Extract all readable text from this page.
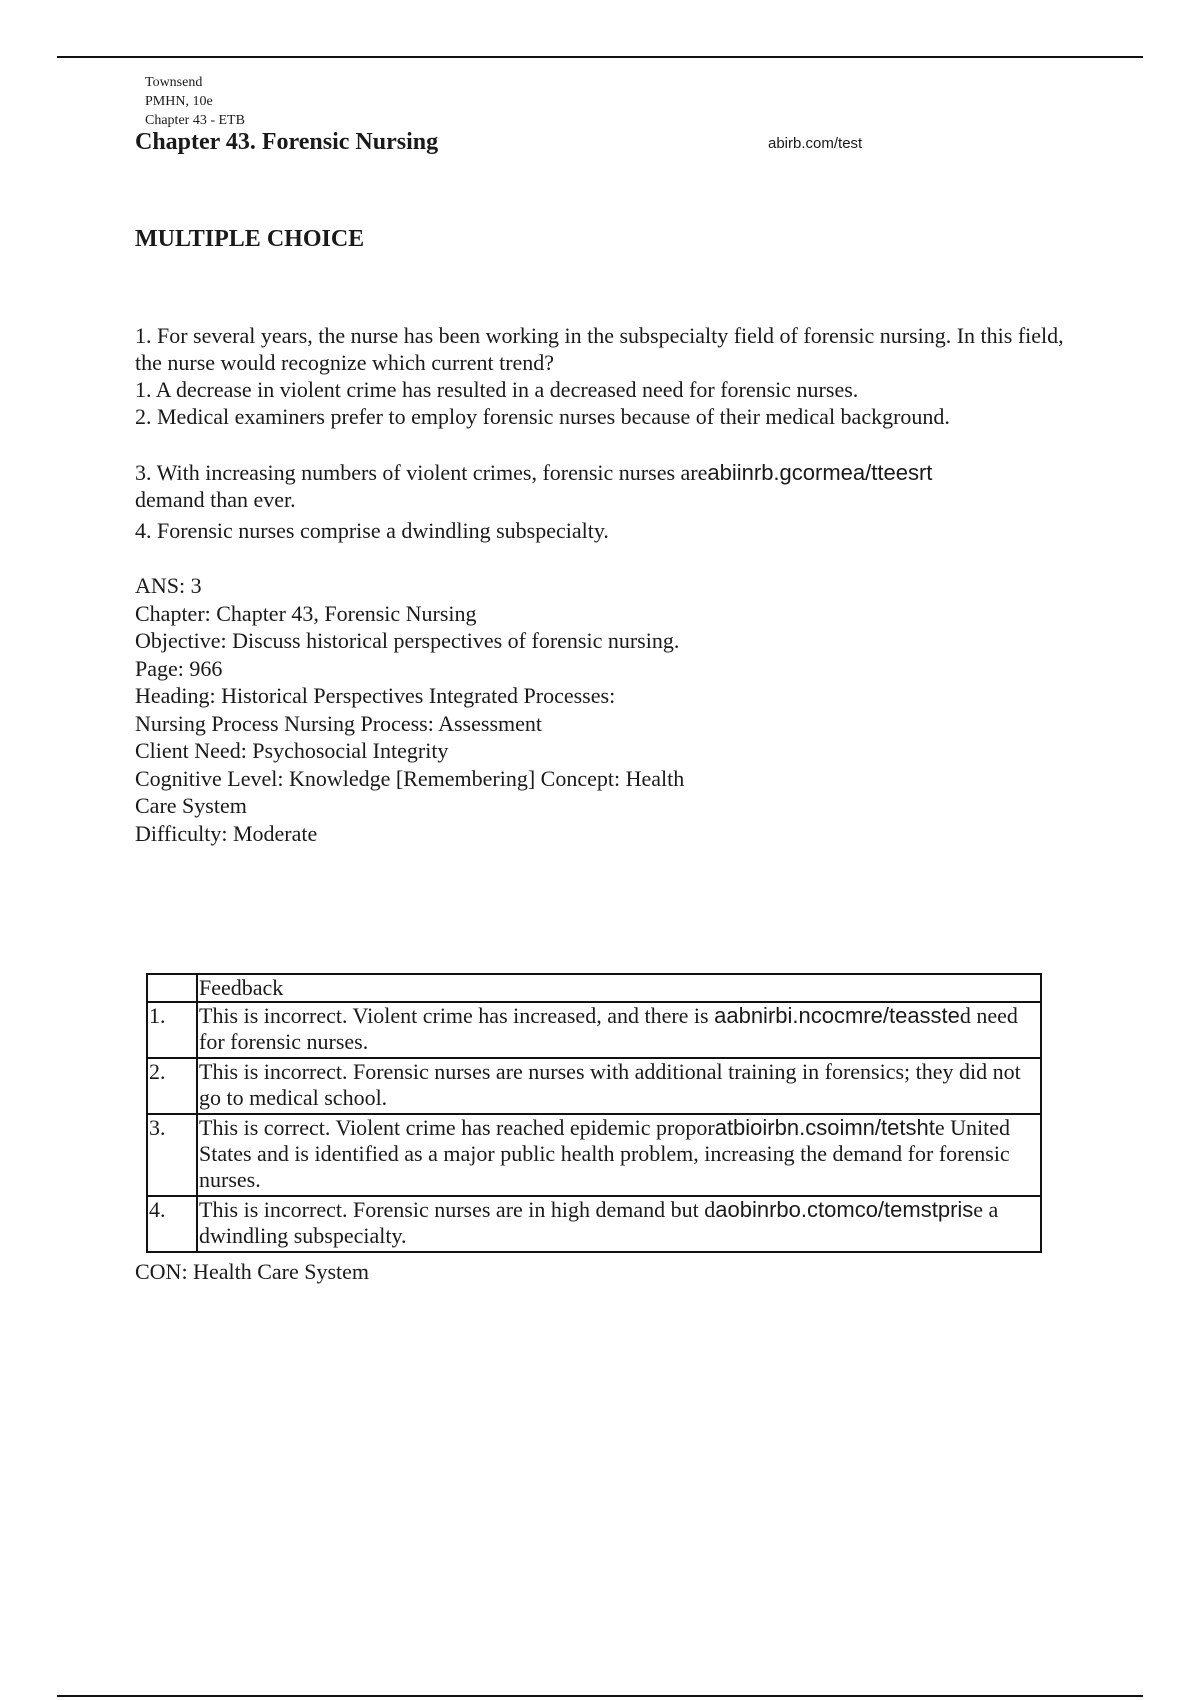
Townsend
PMHN, 10e
Chapter 43 - ETB
Chapter 43. Forensic Nursing	abirb.com/test
MULTIPLE CHOICE
1. For several years, the nurse has been working in the subspecialty field of forensic nursing. In this field, the nurse would recognize which current trend?
1. A decrease in violent crime has resulted in a decreased need for forensic nurses.
2. Medical examiners prefer to employ forensic nurses because of their medical background.
3. With increasing numbers of violent crimes, forensic nurses areabiinrb.gcormea/tteesrt
demand than ever.
4. Forensic nurses comprise a dwindling subspecialty.
ANS: 3
Chapter: Chapter 43, Forensic Nursing
Objective: Discuss historical perspectives of forensic nursing.
Page: 966
Heading: Historical Perspectives Integrated Processes:
Nursing Process Nursing Process: Assessment
Client Need: Psychosocial Integrity
Cognitive Level: Knowledge [Remembering] Concept: Health
Care System
Difficulty: Moderate
	Feedback
1.	This is incorrect. Violent crime has increased, and there is aabnirbi.ncocmre/teassted need for forensic nurses.
2.	This is incorrect. Forensic nurses are nurses with additional training in forensics; they did not go to medical school.
3.	This is correct. Violent crime has reached epidemic proporatbioirbn.csoimn/tetshte United States and is identified as a major public health problem, increasing the demand for forensic nurses.
4.	This is incorrect. Forensic nurses are in high demand but daobinrbo.ctomco/temstprise a dwindling subspecialty.
CON: Health Care System
